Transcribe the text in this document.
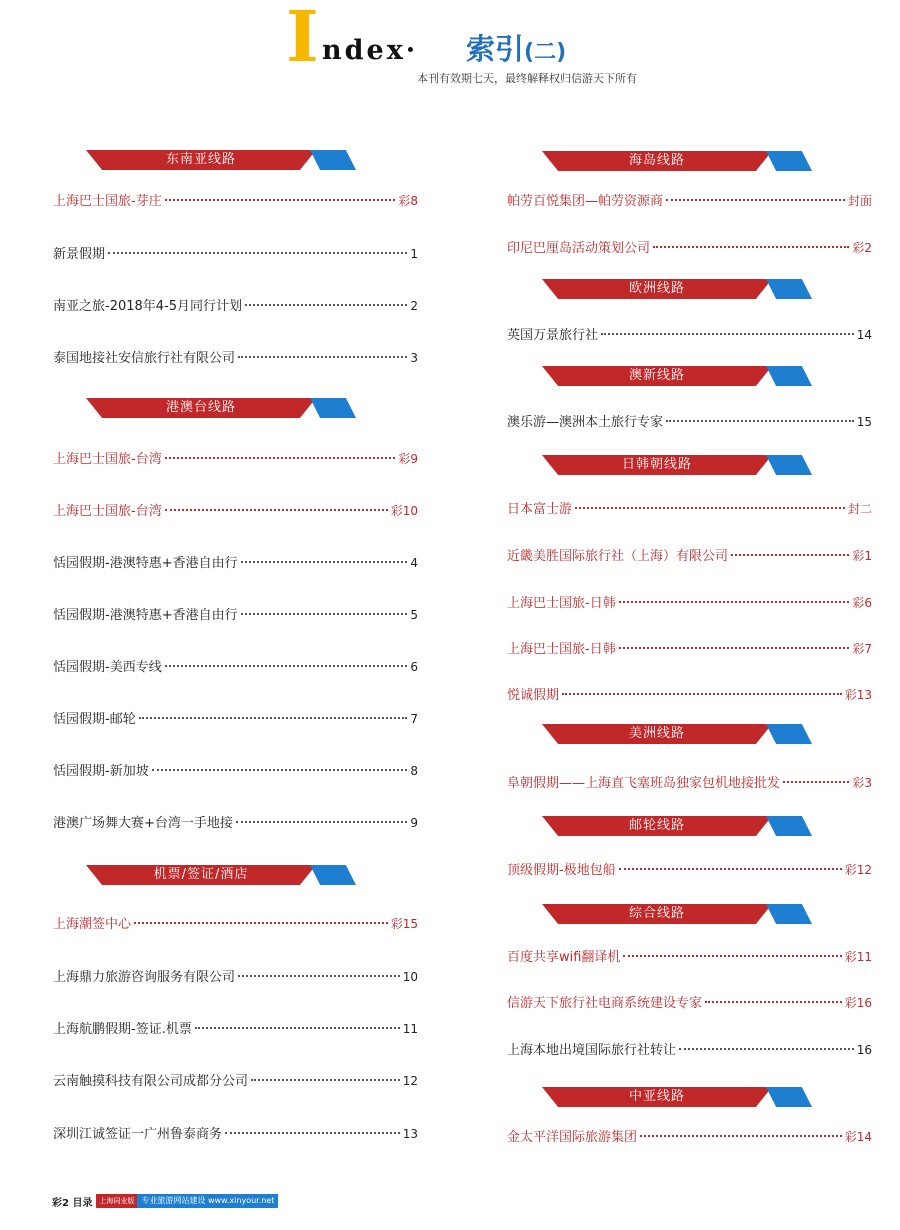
I ndex· 索引(二)
本刊有效期七天，最终解释权归信游天下所有
东南亚线路
上海巴士国旅-芽庄	彩8
新景假期	1
南亚之旅-2018年4-5月同行计划	2
泰国地接社安信旅行社有限公司	3
港澳台线路
上海巴士国旅-台湾	彩9
上海巴士国旅-台湾	彩10
恬园假期-港澳特惠+香港自由行	4
恬园假期-港澳特惠+香港自由行	5
恬园假期-美西专线	6
恬园假期-邮轮	7
恬园假期-新加坡	8
港澳广场舞大赛+台湾一手地接	9
机票/签证/酒店
上海潮签中心	彩15
上海鼎力旅游咨询服务有限公司	10
上海航鹏假期-签证.机票	11
云南触摸科技有限公司成都分公司	12
深圳江诚签证一广州鲁泰商务	13
海岛线路
帕劳百悦集团—帕劳资源商	封面
印尼巴厘岛活动策划公司	彩2
欧洲线路
英国万景旅行社	14
澳新线路
澳乐游—澳洲本土旅行专家	15
日韩朝线路
日本富士游	封二
近畿美胜国际旅行社（上海）有限公司	彩1
上海巴士国旅-日韩	彩6
上海巴士国旅-日韩	彩7
悦诚假期	彩13
美洲线路
阜朝假期——上海直飞塞班岛独家包机地接批发	彩3
邮轮线路
顶级假期-极地包船	彩12
综合线路
百度共享wifi翻译机	彩11
信游天下旅行社电商系统建设专家	彩16
上海本地出境国际旅行社转让	16
中亚线路
金太平洋国际旅游集团	彩14
彩2 目录	上海同业版 专业旅游网站建设 www.xinyour.net
